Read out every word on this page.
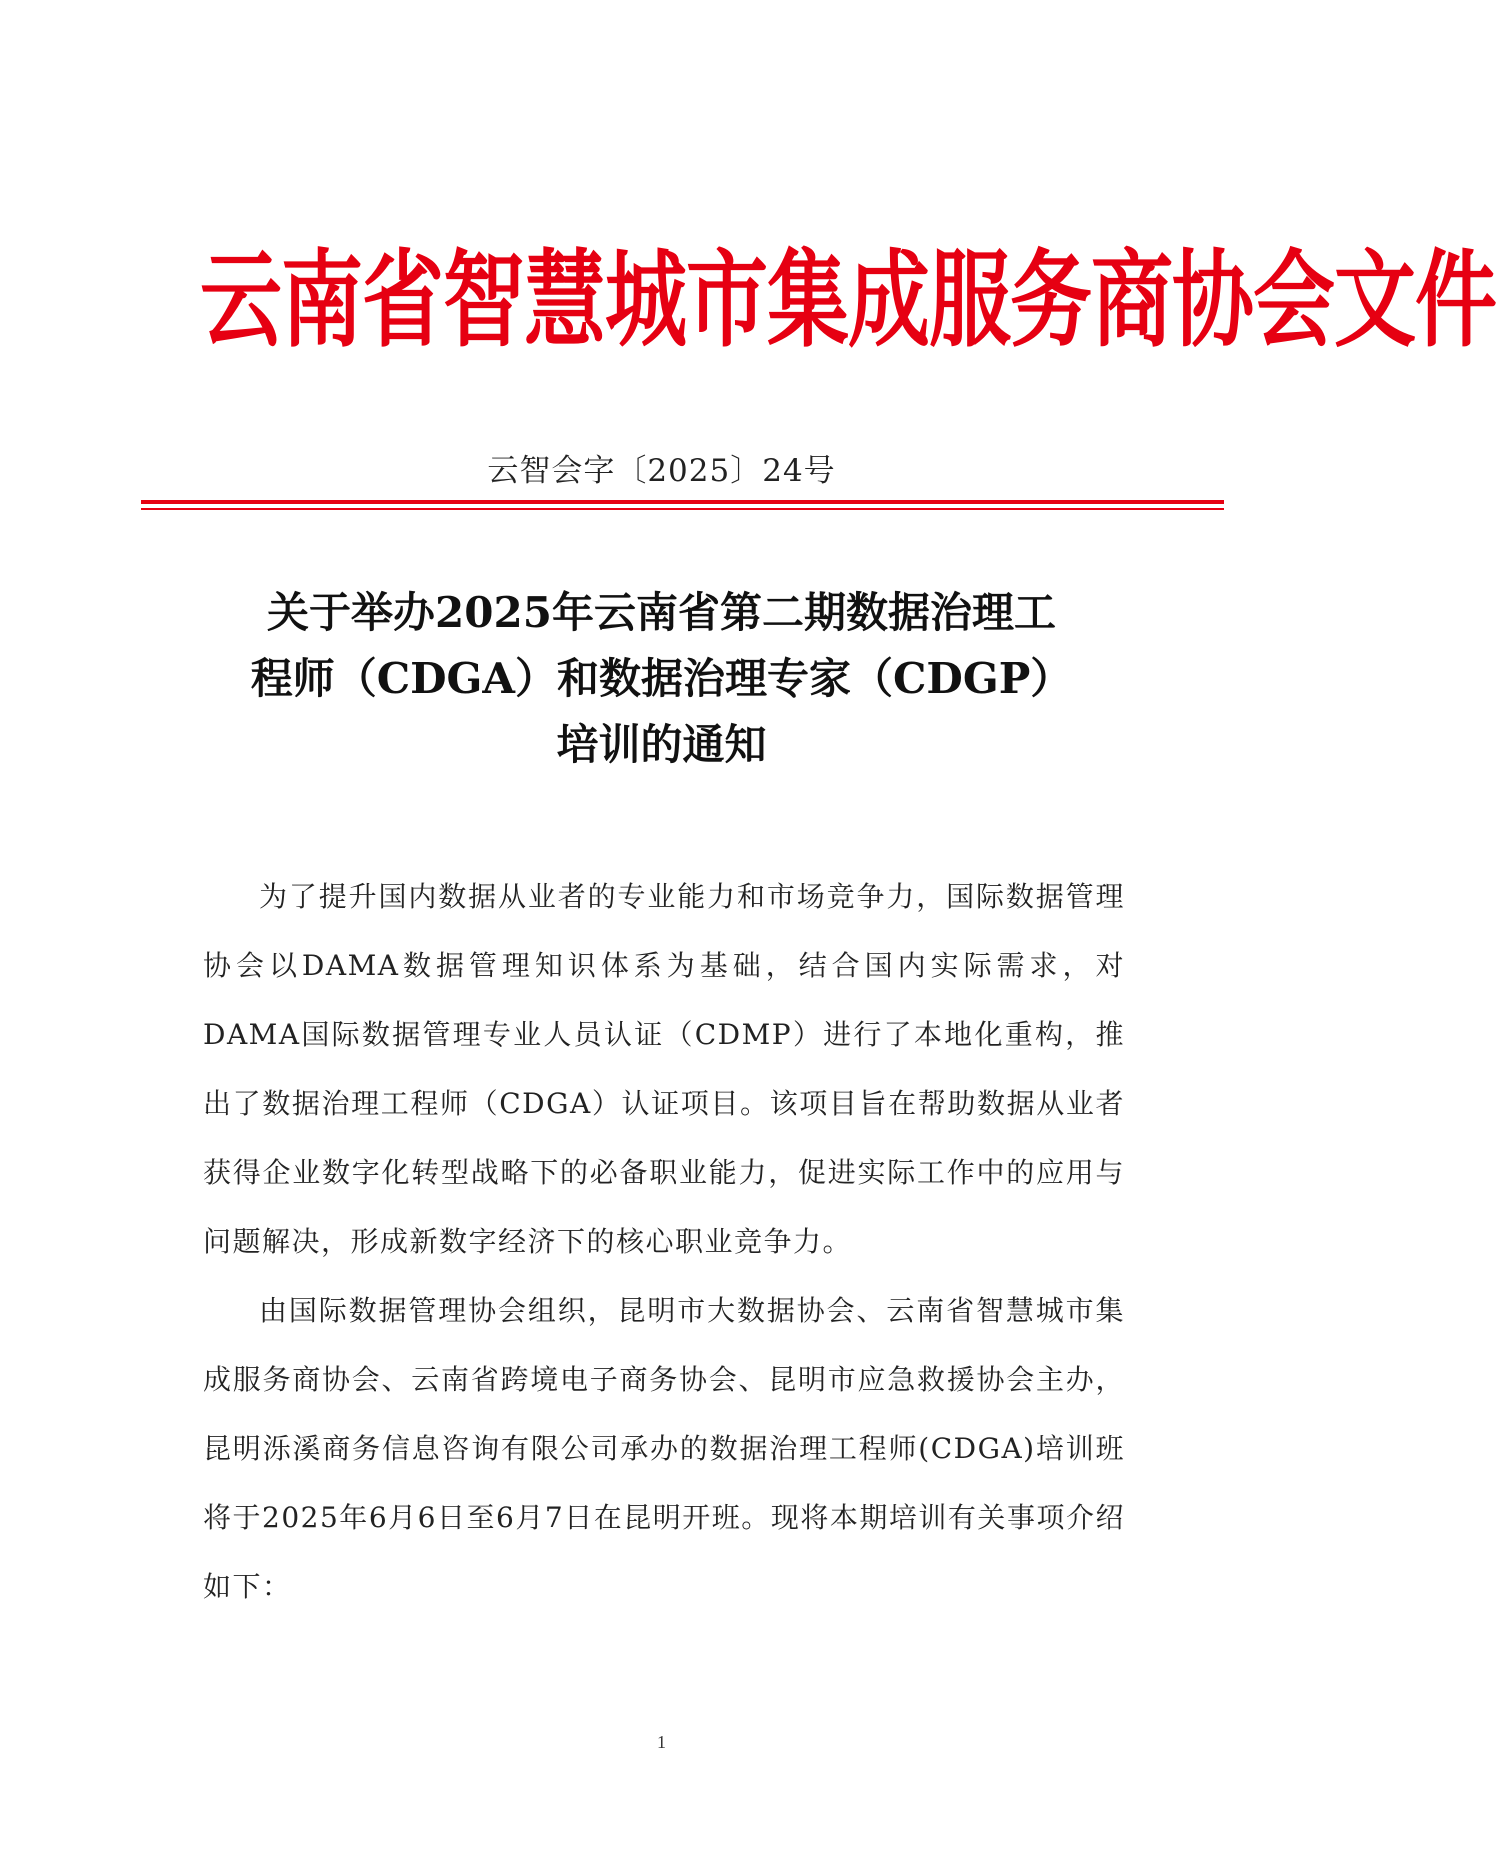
云南省智慧城市集成服务商协会文件
云智会字〔2025〕24号
关于举办2025年云南省第二期数据治理工
程师（CDGA）和数据治理专家（CDGP）
培训的通知

为了提升国内数据从业者的专业能力和市场竞争力，国际数据管理协会以DAMA数据管理知识体系为基础，结合国内实际需求，对DAMA国际数据管理专业人员认证（CDMP）进行了本地化重构，推出了数据治理工程师（CDGA）认证项目。该项目旨在帮助数据从业者获得企业数字化转型战略下的必备职业能力，促进实际工作中的应用与问题解决，形成新数字经济下的核心职业竞争力。

由国际数据管理协会组织，昆明市大数据协会、云南省智慧城市集成服务商协会、云南省跨境电子商务协会、昆明市应急救援协会主办，昆明泺溪商务信息咨询有限公司承办的数据治理工程师(CDGA)培训班将于2025年6月6日至6月7日在昆明开班。现将本期培训有关事项介绍如下：

1
